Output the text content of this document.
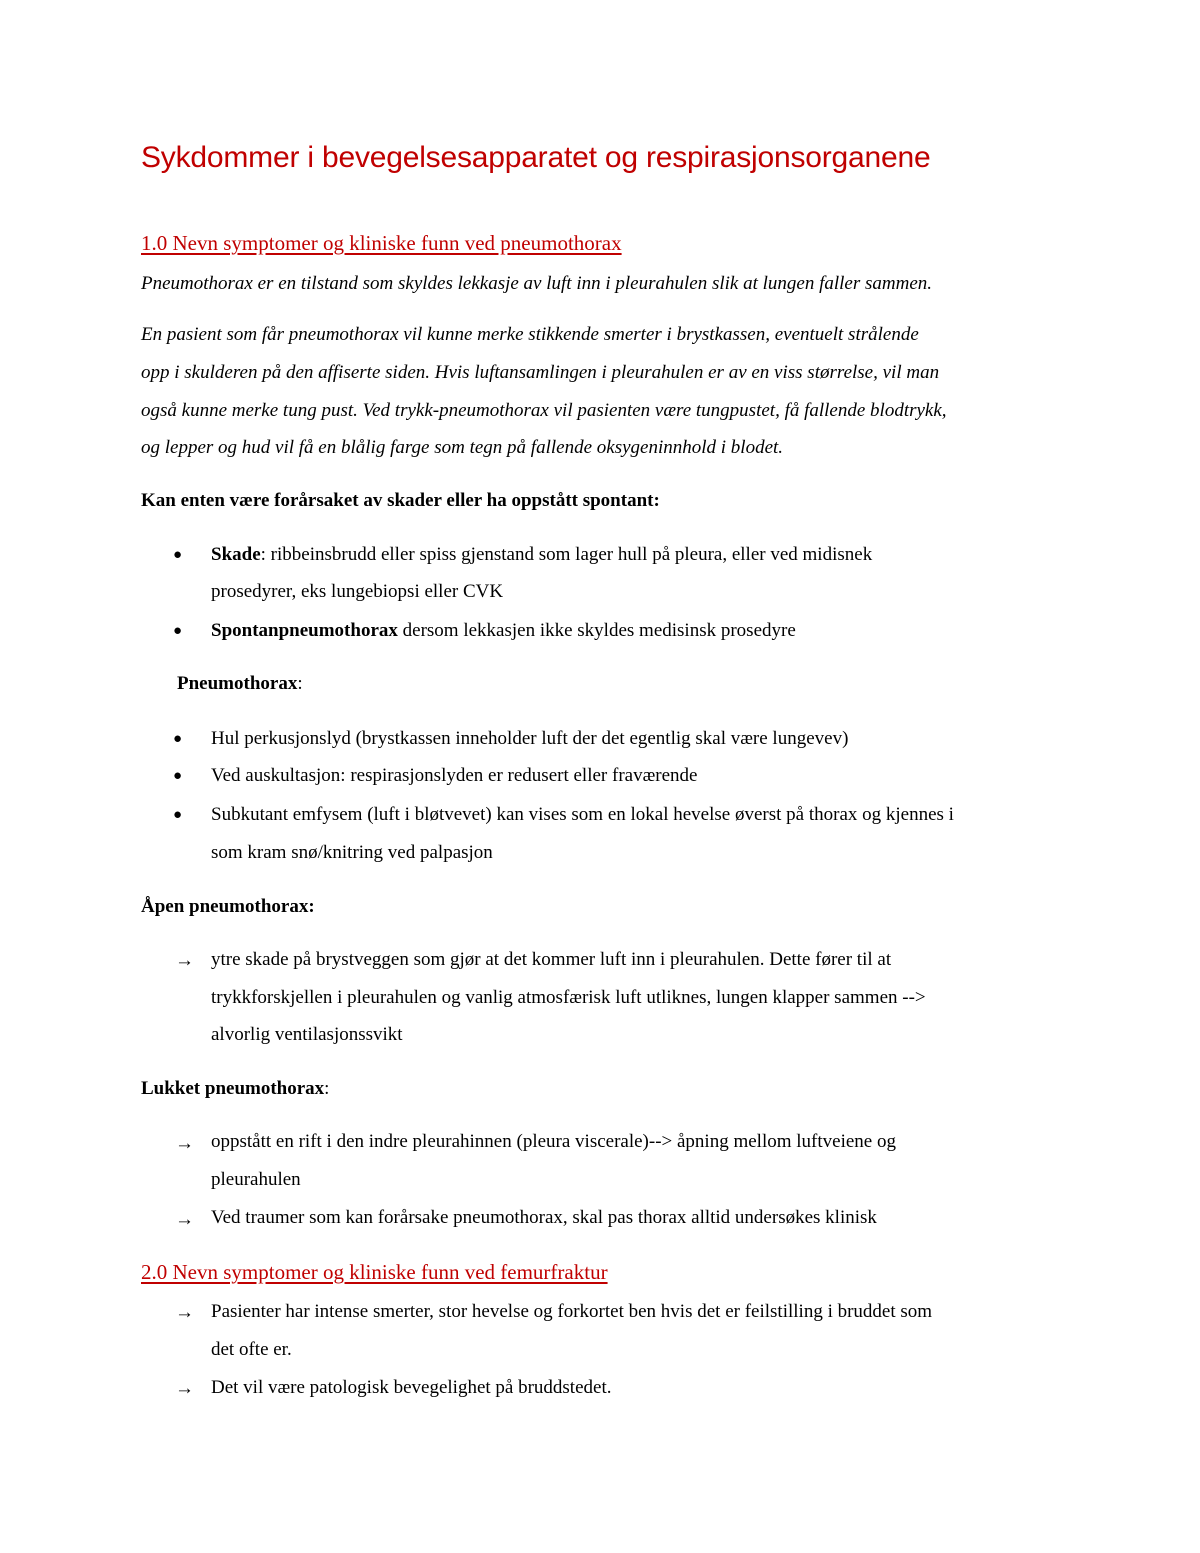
Sykdommer i bevegelsesapparatet og respirasjonsorganene
1.0 Nevn symptomer og kliniske funn ved pneumothorax
Pneumothorax er en tilstand som skyldes lekkasje av luft inn i pleurahulen slik at lungen faller sammen.
En pasient som får pneumothorax vil kunne merke stikkende smerter i brystkassen, eventuelt strålende
opp i skulderen på den affiserte siden. Hvis luftansamlingen i pleurahulen er av en viss størrelse, vil man
også kunne merke tung pust. Ved trykk-pneumothorax vil pasienten være tungpustet, få fallende blodtrykk,
og lepper og hud vil få en blålig farge som tegn på fallende oksygeninnhold i blodet.
Kan enten være forårsaket av skader eller ha oppstått spontant:
● Skade: ribbeinsbrudd eller spiss gjenstand som lager hull på pleura, eller ved midisnek
prosedyrer, eks lungebiopsi eller CVK
● Spontanpneumothorax dersom lekkasjen ikke skyldes medisinsk prosedyre
Pneumothorax:
● Hul perkusjonslyd (brystkassen inneholder luft der det egentlig skal være lungevev)
● Ved auskultasjon: respirasjonslyden er redusert eller fraværende
● Subkutant emfysem (luft i bløtvevet) kan vises som en lokal hevelse øverst på thorax og kjennes i
som kram snø/knitring ved palpasjon
Åpen pneumothorax:
→ ytre skade på brystveggen som gjør at det kommer luft inn i pleurahulen. Dette fører til at
trykkforskjellen i pleurahulen og vanlig atmosfærisk luft utliknes, lungen klapper sammen -->
alvorlig ventilasjonssvikt
Lukket pneumothorax:
→ oppstått en rift i den indre pleurahinnen (pleura viscerale)--> åpning mellom luftveiene og
pleurahulen
→ Ved traumer som kan forårsake pneumothorax, skal pas thorax alltid undersøkes klinisk
2.0 Nevn symptomer og kliniske funn ved femurfraktur
→ Pasienter har intense smerter, stor hevelse og forkortet ben hvis det er feilstilling i bruddet som
det ofte er.
→ Det vil være patologisk bevegelighet på bruddstedet.
